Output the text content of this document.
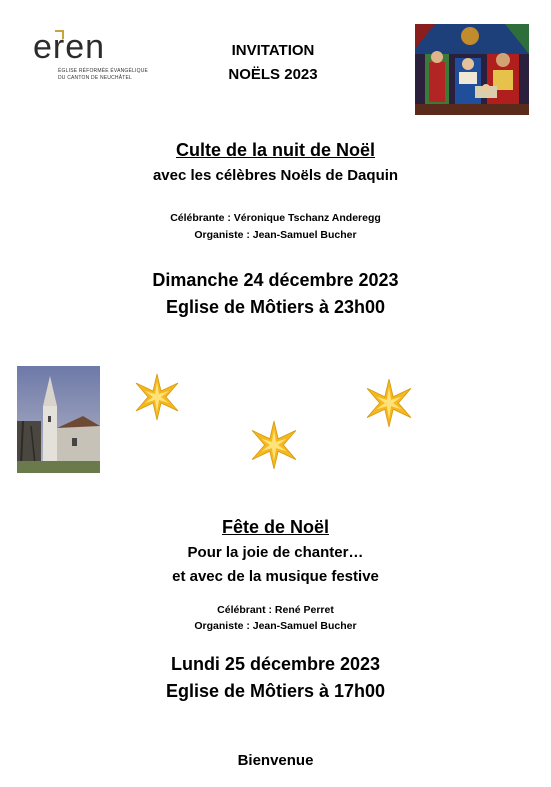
eren
ÉGLISE RÉFORMÉE ÉVANGÉLIQUE
DU CANTON DE NEUCHÂTEL
INVITATION
NOËLS 2023
Culte de la nuit de Noël
avec les célèbres Noëls de Daquin
Célébrante : Véronique Tschanz Anderegg
Organiste : Jean-Samuel Bucher
Dimanche 24 décembre 2023
Eglise de Môtiers à 23h00
Fête de Noël
Pour la joie de chanter…
et avec de la musique festive
Célébrant : René Perret
Organiste : Jean-Samuel Bucher
Lundi 25 décembre 2023
Eglise de Môtiers à 17h00
Bienvenue
